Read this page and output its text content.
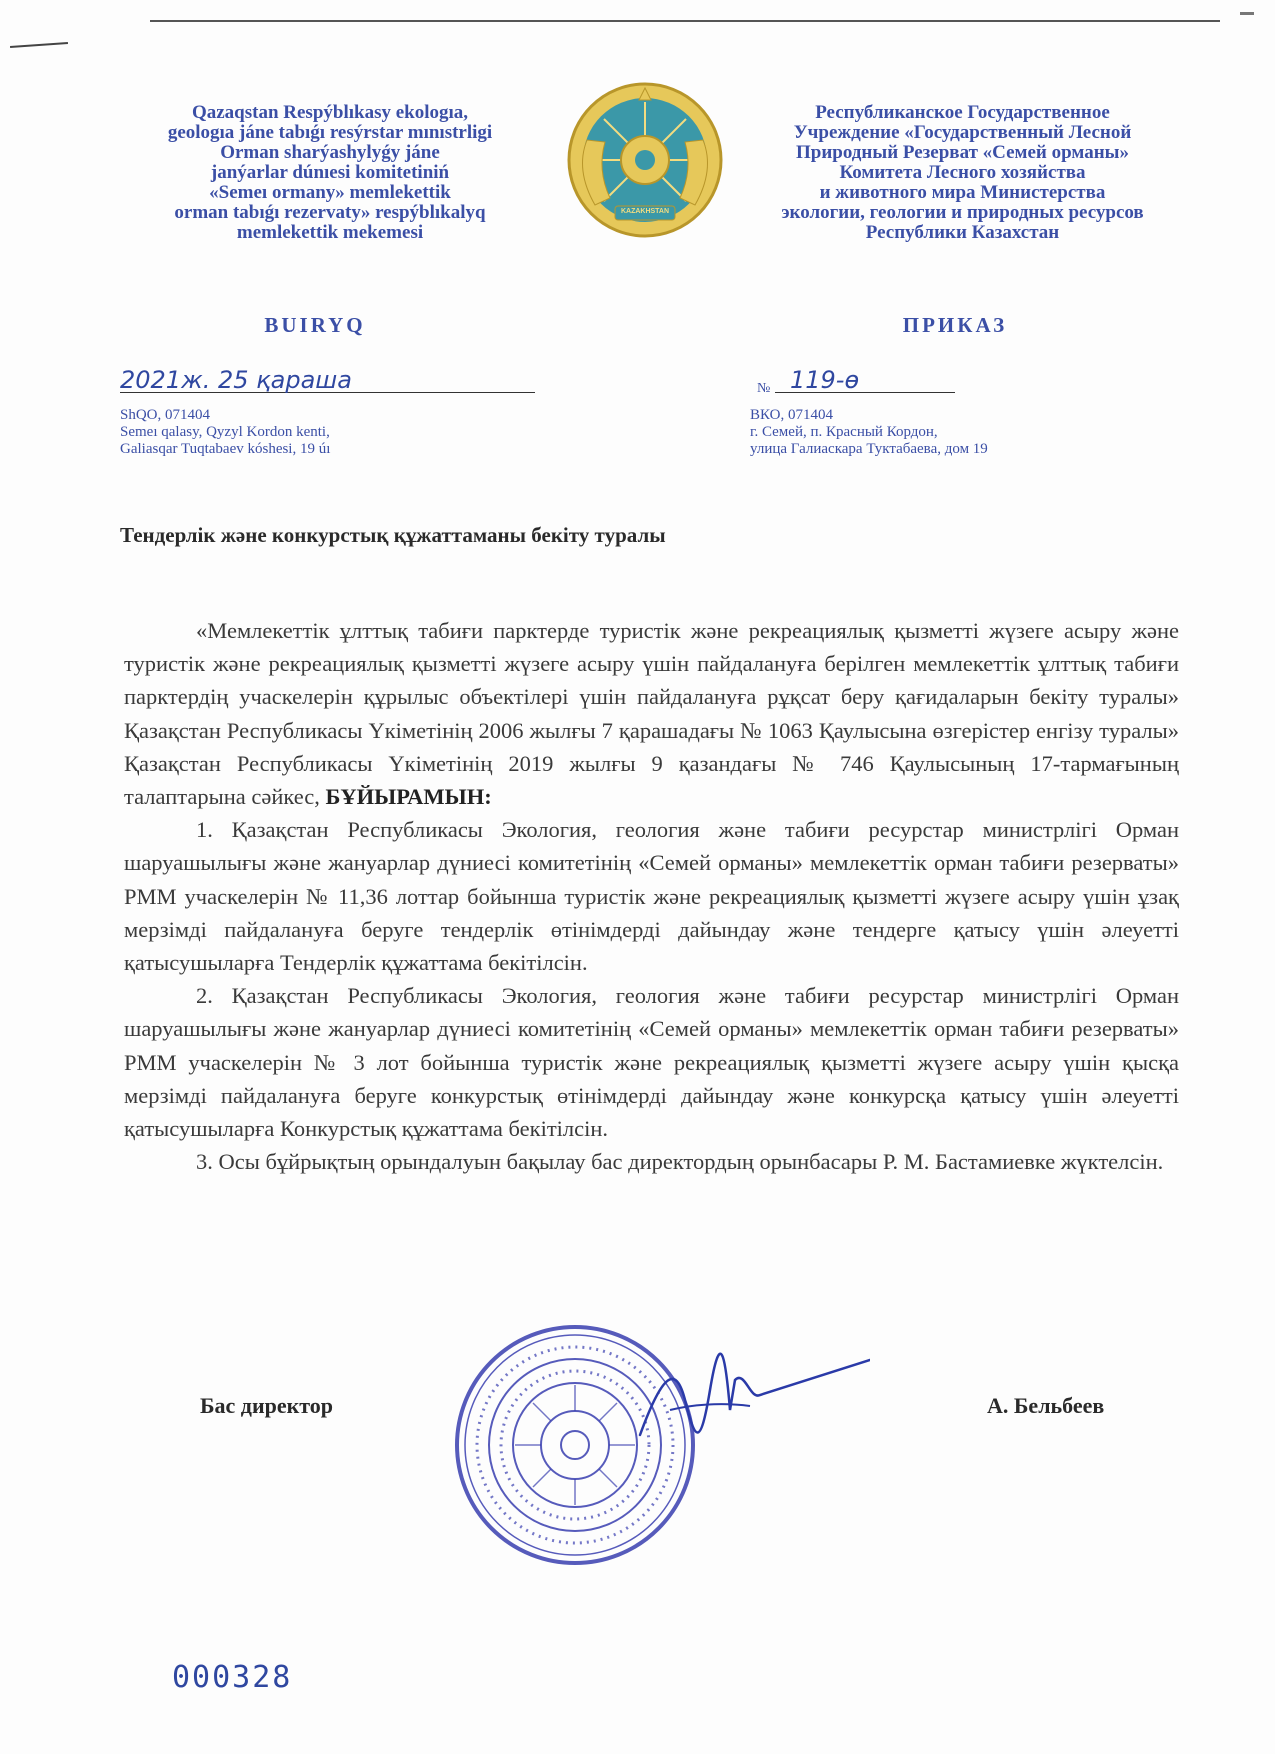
Qazaqstan Respýblıkasy ekologıa,
geologıa jáne tabıǵı resýrstar mınıstrligi
Orman sharýashylyǵy jáne
janýarlar dúnıesi komitetiniń
«Semeı ormany» memlekettik
orman tabıǵı rezervaty» respýblıkalyq
memlekettik mekemesi
KAZAKHSTAN
Республиканское Государственное
Учреждение «Государственный Лесной
Природный Резерват «Семей орманы»
Комитета Лесного хозяйства
и животного мира Министерства
экологии, геологии и природных ресурсов
Республики Казахстан
BUIRYQ	ПРИКАЗ
2021ж. 25 қараша	№ 119-ө
ShQO, 071404
Semeı qalasy, Qyzyl Kordon kenti,
Galiasqar Tuqtabaev kóshesi, 19 úı
ВКО, 071404
г. Семей, п. Красный Кордон,
улица Галиаскара Туктабаева, дом 19
Тендерлік және конкурстық құжаттаманы бекіту туралы

«Мемлекеттік ұлттық табиғи парктерде туристік және рекреациялық қызметті жүзеге асыру және туристік және рекреациялық қызметті жүзеге асыру үшін пайдалануға берілген мемлекеттік ұлттық табиғи парктердің учаскелерін құрылыс объектілері үшін пайдалануға рұқсат беру қағидаларын бекіту туралы» Қазақстан Республикасы Үкіметінің 2006 жылғы 7 қарашадағы № 1063 Қаулысына өзгерістер енгізу туралы» Қазақстан Республикасы Үкіметінің 2019 жылғы 9 қазандағы № 746 Қаулысының 17-тармағының талаптарына сәйкес, БҰЙЫРАМЫН:

1. Қазақстан Республикасы Экология, геология және табиғи ресурстар министрлігі Орман шаруашылығы және жануарлар дүниесі комитетінің «Семей орманы» мемлекеттік орман табиғи резерваты» РММ учаскелерін № 11,36 лоттар бойынша туристік және рекреациялық қызметті жүзеге асыру үшін ұзақ мерзімді пайдалануға беруге тендерлік өтінімдерді дайындау және тендерге қатысу үшін әлеуетті қатысушыларға Тендерлік құжаттама бекітілсін.

2. Қазақстан Республикасы Экология, геология және табиғи ресурстар министрлігі Орман шаруашылығы және жануарлар дүниесі комитетінің «Семей орманы» мемлекеттік орман табиғи резерваты» РММ учаскелерін № 3 лот бойынша туристік және рекреациялық қызметті жүзеге асыру үшін қысқа мерзімді пайдалануға беруге конкурстық өтінімдерді дайындау және конкурсқа қатысу үшін әлеуетті қатысушыларға Конкурстық құжаттама бекітілсін.

3. Осы бұйрықтың орындалуын бақылау бас директордың орынбасары Р. М. Бастамиевке жүктелсін.

Бас директор	А. Бельбеев
000328
